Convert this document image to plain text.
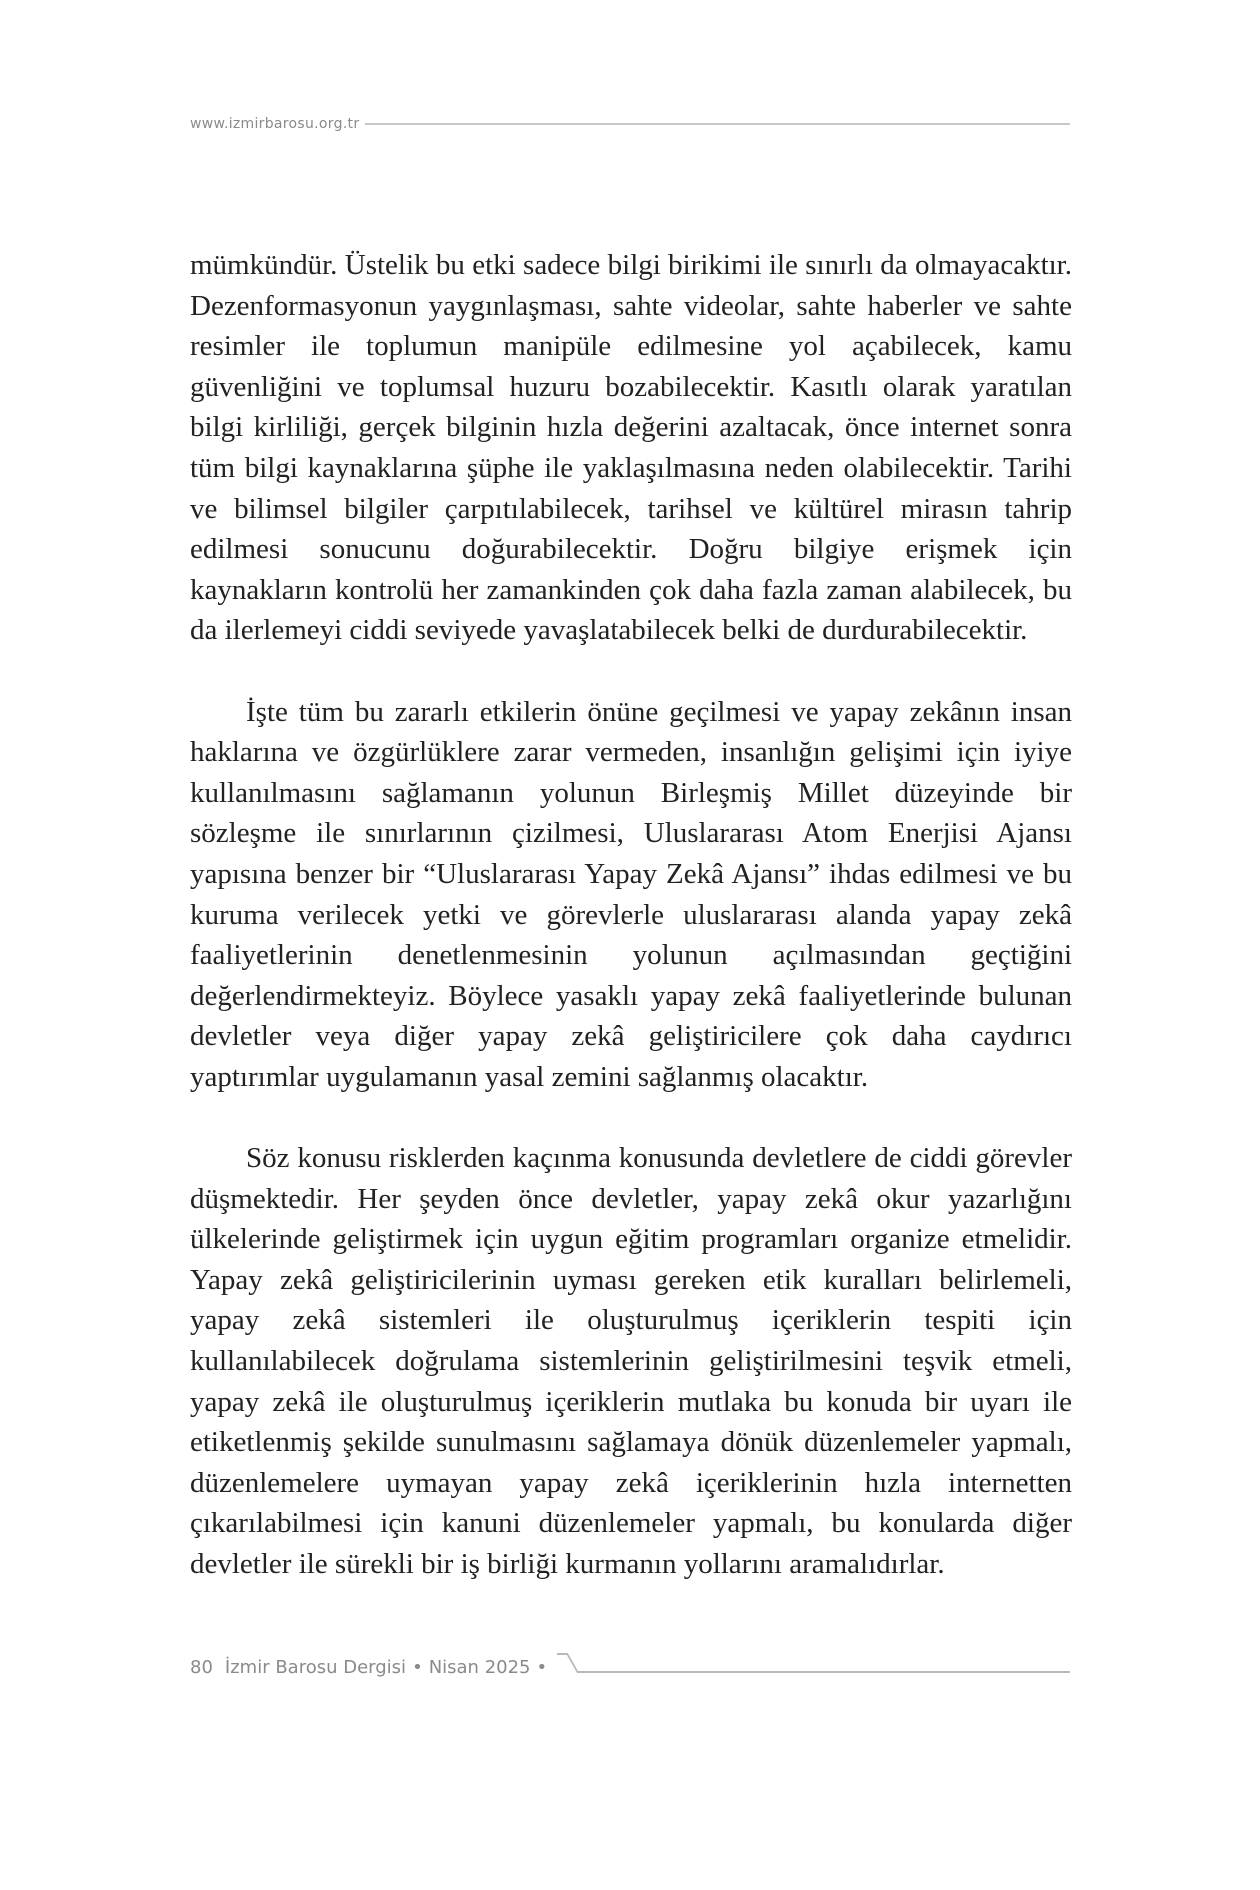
www.izmirbarosu.org.tr

mümkündür. Üstelik bu etki sadece bilgi birikimi ile sınırlı da olmayacaktır. Dezenformasyonun yaygınlaşması, sahte videolar, sahte haberler ve sahte resimler ile toplumun manipüle edilmesine yol açabilecek, kamu güvenliğini ve toplumsal huzuru bozabilecektir. Kasıtlı olarak yaratılan bilgi kirliliği, gerçek bilginin hızla değerini azaltacak, önce internet sonra tüm bilgi kaynaklarına şüphe ile yaklaşılmasına neden olabilecektir. Tarihi ve bilimsel bilgiler çarpıtılabilecek, tarihsel ve kültürel mirasın tahrip edilmesi sonucunu doğurabilecektir. Doğru bilgiye erişmek için kaynakların kontrolü her zamankinden çok daha fazla zaman alabilecek, bu da ilerlemeyi ciddi seviyede yavaşlatabilecek belki de durdurabilecektir.

İşte tüm bu zararlı etkilerin önüne geçilmesi ve yapay zekânın insan haklarına ve özgürlüklere zarar vermeden, insanlığın gelişimi için iyiye kullanılmasını sağlamanın yolunun Birleşmiş Millet düzeyinde bir sözleşme ile sınırlarının çizilmesi, Uluslararası Atom Enerjisi Ajansı yapısına benzer bir “Uluslararası Yapay Zekâ Ajansı” ihdas edilmesi ve bu kuruma verilecek yetki ve görevlerle uluslararası alanda yapay zekâ faaliyetlerinin denetlenmesinin yolunun açılmasından geçtiğini değerlendirmekteyiz. Böylece yasaklı yapay zekâ faaliyetlerinde bulunan devletler veya diğer yapay zekâ geliştiricilere çok daha caydırıcı yaptırımlar uygulamanın yasal zemini sağlanmış olacaktır.

Söz konusu risklerden kaçınma konusunda devletlere de ciddi görevler düşmektedir. Her şeyden önce devletler, yapay zekâ okur yazarlığını ülkelerinde geliştirmek için uygun eğitim programları organize etmelidir. Yapay zekâ geliştiricilerinin uyması gereken etik kuralları belirlemeli, yapay zekâ sistemleri ile oluşturulmuş içeriklerin tespiti için kullanılabilecek doğrulama sistemlerinin geliştirilmesini teşvik etmeli, yapay zekâ ile oluşturulmuş içeriklerin mutlaka bu konuda bir uyarı ile etiketlenmiş şekilde sunulmasını sağlamaya dönük düzenlemeler yapmalı, düzenlemelere uymayan yapay zekâ içeriklerinin hızla internetten çıkarılabilmesi için kanuni düzenlemeler yapmalı, bu konularda diğer devletler ile sürekli bir iş birliği kurmanın yollarını aramalıdırlar.

80 İzmir Barosu Dergisi • Nisan 2025 •
